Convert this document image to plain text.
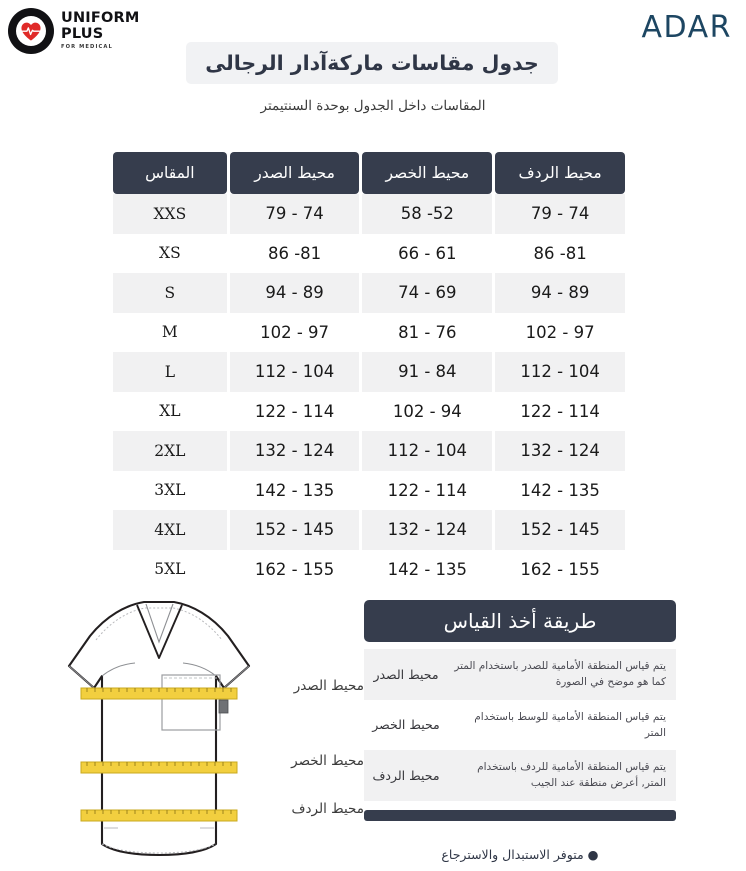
UNIFORM
PLUS
FOR MEDICAL
ADAR
جدول مقاسات ماركةآدار الرجالى
المقاسات داخل الجدول بوحدة السنتيمتر
محيط الردف	محيط الخصر	محيط الصدر	المقاس
74 - 79	52- 58	74 - 79	XXS
81- 86	61 - 66	81- 86	XS
89 - 94	69 - 74	89 - 94	S
97 - 102	76 - 81	97 - 102	M
104 - 112	84 - 91	104 - 112	L
114 - 122	94 - 102	114 - 122	XL
124 - 132	104 - 112	124 - 132	2XL
135 - 142	114 - 122	135 - 142	3XL
145 - 152	124 - 132	145 - 152	4XL
155 - 162	135 - 142	155 - 162	5XL
محيط الصدر
محيط الخصر
محيط الردف
طريقة أخذ القياس
يتم قياس المنطقة الأمامية للصدر باستخدام المتر كما هو موضح في الصورة	محيط الصدر
يتم قياس المنطقة الأمامية للوسط باستخدام المتر	محيط الخصر
يتم قياس المنطقة الأمامية للردف باستخدام المتر, أعرض منطقة عند الجيب	محيط الردف
● متوفر الاستبدال والاسترجاع
